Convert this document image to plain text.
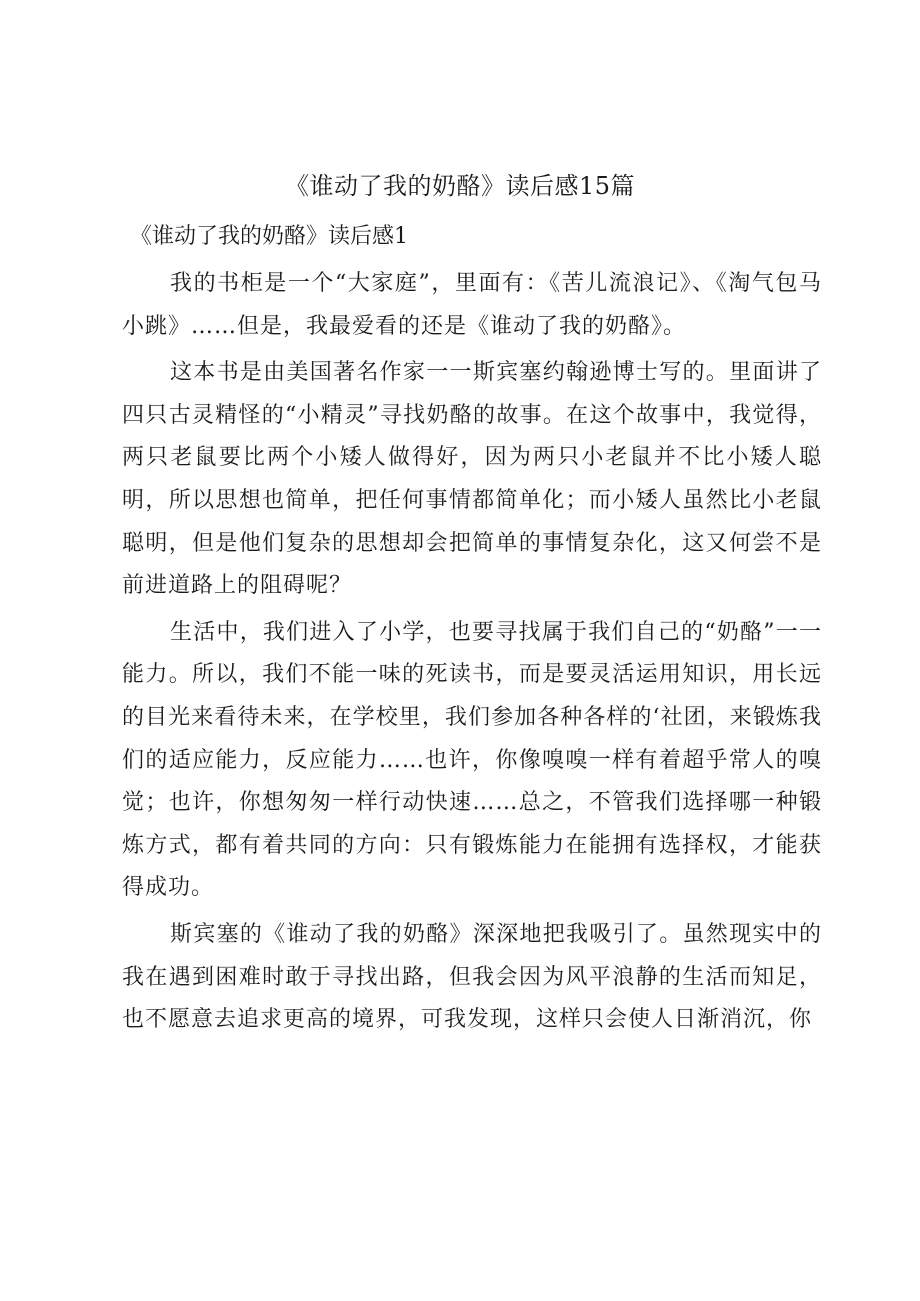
《谁动了我的奶酪》读后感15篇
《谁动了我的奶酪》读后感1

我的书柜是一个“大家庭”，里面有：《苦儿流浪记》、《淘气包马小跳》……但是，我最爱看的还是《谁动了我的奶酪》。

这本书是由美国著名作家一一斯宾塞约翰逊博士写的。里面讲了四只古灵精怪的“小精灵”寻找奶酪的故事。在这个故事中，我觉得，两只老鼠要比两个小矮人做得好，因为两只小老鼠并不比小矮人聪明，所以思想也简单，把任何事情都简单化；而小矮人虽然比小老鼠聪明，但是他们复杂的思想却会把简单的事情复杂化，这又何尝不是前进道路上的阻碍呢？

生活中，我们进入了小学，也要寻找属于我们自己的“奶酪”一一能力。所以，我们不能一味的死读书，而是要灵活运用知识，用长远的目光来看待未来，在学校里，我们参加各种各样的‘社团，来锻炼我们的适应能力，反应能力……也许，你像嗅嗅一样有着超乎常人的嗅觉；也许，你想匆匆一样行动快速……总之，不管我们选择哪一种锻炼方式，都有着共同的方向：只有锻炼能力在能拥有选择权，才能获得成功。

斯宾塞的《谁动了我的奶酪》深深地把我吸引了。虽然现实中的我在遇到困难时敢于寻找出路，但我会因为风平浪静的生活而知足，也不愿意去追求更高的境界，可我发现，这样只会使人日渐消沉，你
